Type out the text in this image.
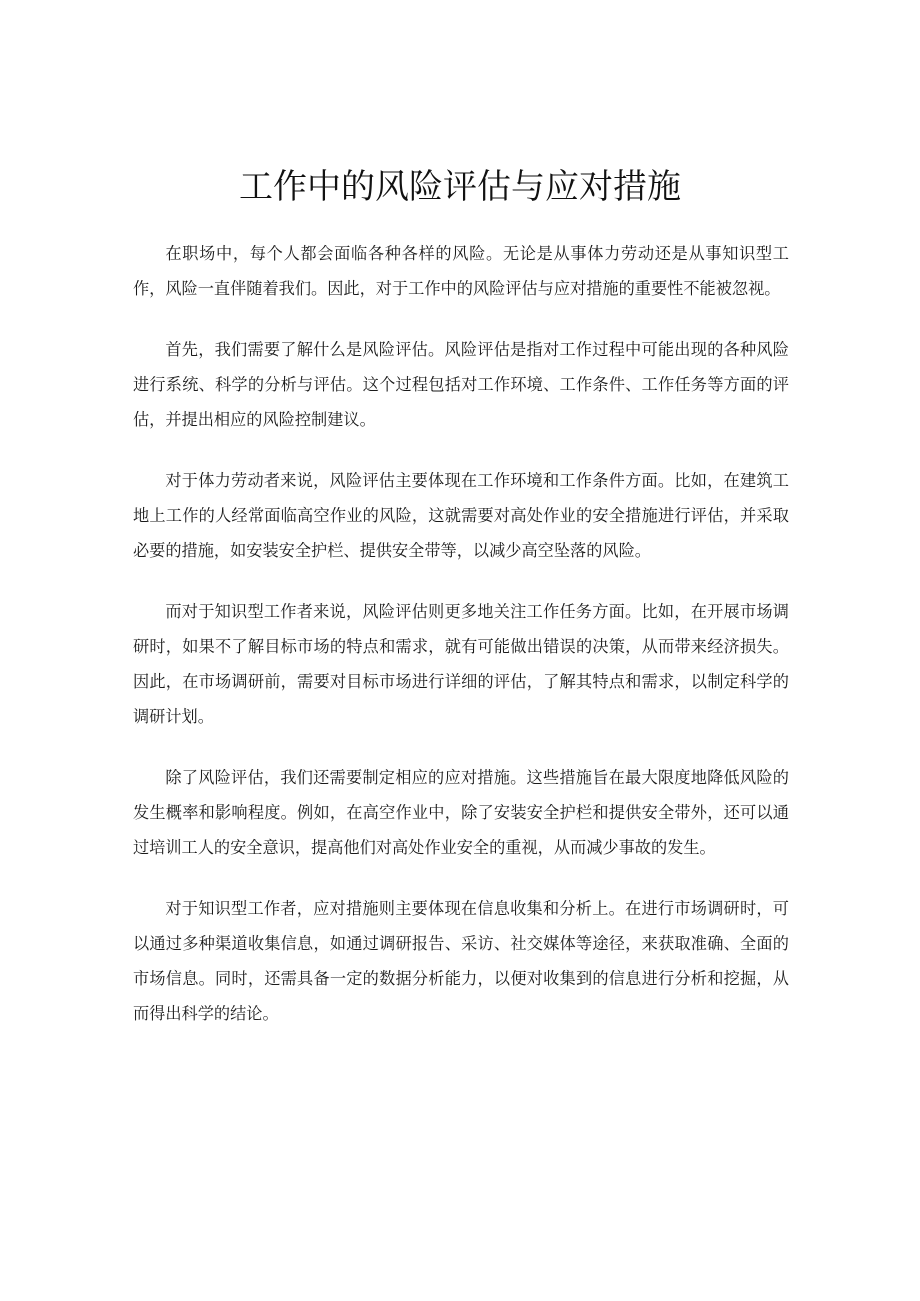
工作中的风险评估与应对措施

在职场中，每个人都会面临各种各样的风险。无论是从事体力劳动还是从事知识型工作，风险一直伴随着我们。因此，对于工作中的风险评估与应对措施的重要性不能被忽视。

首先，我们需要了解什么是风险评估。风险评估是指对工作过程中可能出现的各种风险进行系统、科学的分析与评估。这个过程包括对工作环境、工作条件、工作任务等方面的评估，并提出相应的风险控制建议。

对于体力劳动者来说，风险评估主要体现在工作环境和工作条件方面。比如，在建筑工地上工作的人经常面临高空作业的风险，这就需要对高处作业的安全措施进行评估，并采取必要的措施，如安装安全护栏、提供安全带等，以减少高空坠落的风险。

而对于知识型工作者来说，风险评估则更多地关注工作任务方面。比如，在开展市场调研时，如果不了解目标市场的特点和需求，就有可能做出错误的决策，从而带来经济损失。因此，在市场调研前，需要对目标市场进行详细的评估，了解其特点和需求，以制定科学的调研计划。

除了风险评估，我们还需要制定相应的应对措施。这些措施旨在最大限度地降低风险的发生概率和影响程度。例如，在高空作业中，除了安装安全护栏和提供安全带外，还可以通过培训工人的安全意识，提高他们对高处作业安全的重视，从而减少事故的发生。

对于知识型工作者，应对措施则主要体现在信息收集和分析上。在进行市场调研时，可以通过多种渠道收集信息，如通过调研报告、采访、社交媒体等途径，来获取准确、全面的市场信息。同时，还需具备一定的数据分析能力，以便对收集到的信息进行分析和挖掘，从而得出科学的结论。
